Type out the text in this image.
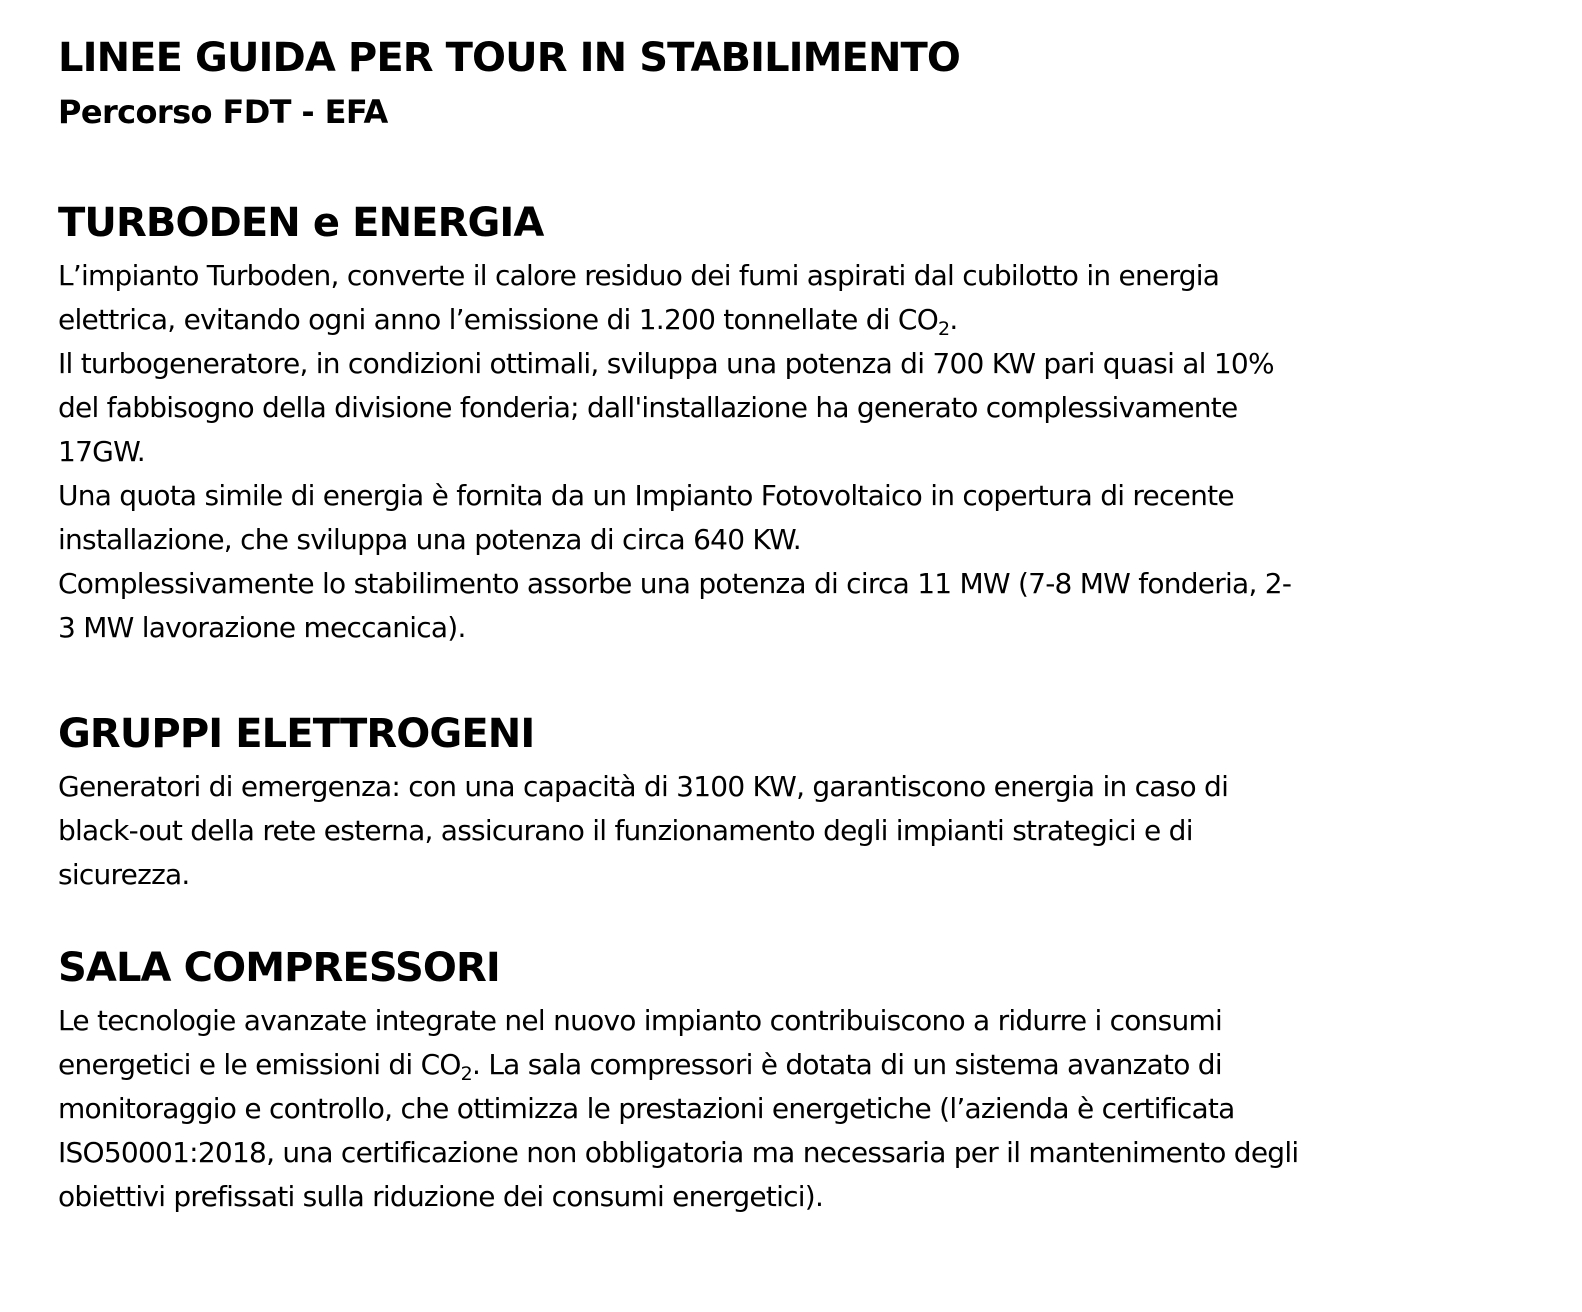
LINEE GUIDA PER TOUR IN STABILIMENTO
Percorso FDT - EFA
TURBODEN e ENERGIA
L’impianto Turboden, converte il calore residuo dei fumi aspirati dal cubilotto in energia
elettrica, evitando ogni anno l’emissione di 1.200 tonnellate di $CO_2$.
Il turbogeneratore, in condizioni ottimali, sviluppa una potenza di 700 KW pari quasi al 10%
del fabbisogno della divisione fonderia; dall'installazione ha generato complessivamente
17GW.
Una quota simile di energia è fornita da un Impianto Fotovoltaico in copertura di recente
installazione, che sviluppa una potenza di circa 640 KW.
Complessivamente lo stabilimento assorbe una potenza di circa 11 MW (7-8 MW fonderia, 2-
3 MW lavorazione meccanica).
GRUPPI ELETTROGENI
Generatori di emergenza: con una capacità di 3100 KW, garantiscono energia in caso di
black-out della rete esterna, assicurano il funzionamento degli impianti strategici e di
sicurezza.
SALA COMPRESSORI
Le tecnologie avanzate integrate nel nuovo impianto contribuiscono a ridurre i consumi
energetici e le emissioni di $CO_2$. La sala compressori è dotata di un sistema avanzato di
monitoraggio e controllo, che ottimizza le prestazioni energetiche (l’azienda è certificata
ISO50001:2018, una certificazione non obbligatoria ma necessaria per il mantenimento degli
obiettivi prefissati sulla riduzione dei consumi energetici).
